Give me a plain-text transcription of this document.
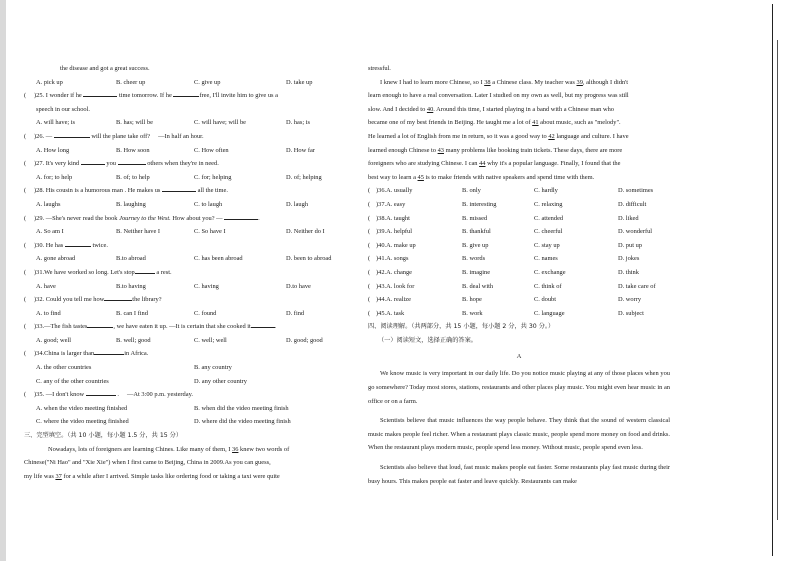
the disease and got a great success.
A. pick up	B. cheer up	C. give up	D. take up
( )25. I wonder if he	time tomorrow. If he	free, I'll invite him to give us a
speech in our school.
A. will have; is	B. has; will be	C. will have; will be	D. has; is
( )26. —	will the plane take off? —In half an hour.
A. How long	B. How soon	C. How often	D. How far
( )27. It's very kind	you	others when they're in need.
A. for; to help	B. of; to help	C. for; helping	D. of; helping
( )28. His cousin is a humorous man . He makes us	all the time.
A. laughs	B. laughing	C. to laugh	D. laugh
( )29. —She's never read the book Journey to the West. How about you? —	.
A. So am I	B. Neither have I	C. So have I	D. Neither do I
( )30. He has	twice.
A. gone abroad	B.to abroad	C. has been abroad	D. been to abroad
( )31.We have worked so long. Let's stop	a rest.
A. have	B.to having	C. having	D.to have
( )32. Could you tell me how	the library?
A. to find	B. can I find	C. found	D. find
( )33.—The fish tastes	, we have eaten it up. —It is certain that she cooked it	.
A. good; well	B. well; good	C. well; well	D. good; good
( )34.China is larger than	in Africa.
A. the other countries	B. any country
C. any of the other countries	D. any other country
( )35. —I don't know	. —At 3:00 p.m. yesterday.
A. when the video meeting finished	B. when did the video meeting finish
C. where the video meeting finished	D. where did the video meeting finish
三、完型填空。（共 10 小题，每小题 1.5 分，共 15 分）
Nowadays, lots of foreigners are learning Chines. Like many of them, I 36 knew two words of
Chinese("Ni Hao" and "Xie Xie") when I first came to Beijing, China in 2009.As you can guess,
my life was 37 for a while after I arrived. Simple tasks like ordering food or taking a taxi were quite
stressful.
I knew I had to learn more Chinese, so I 38 a Chinese class. My teacher was 39, although I didn't
learn enough to have a real conversation. Later I studied on my own as well, but my progress was still
slow. And I decided to 40. Around this time, I started playing in a band with a Chinese man who
became one of my best friends in Beijing. He taught me a lot of 41 about music, such as "melody".
He learned a lot of English from me in return, so it was a good way to 42 language and culture. I have
learned enough Chinese to 43 many problems like booking train tickets. These days, there are more
foreigners who are studying Chinese. I can 44 why it's a popular language. Finally, I found that the
best way to learn a 45 is to make friends with native speakers and spend time with them.
( )36.A. usually	B. only	C. hardly	D. sometimes
( )37.A. easy	B. interesting	C. relaxing	D. difficult
( )38.A. taught	B. missed	C. attended	D. liked
( )39.A. helpful	B. thankful	C. cheerful	D. wonderful
( )40.A. make up	B. give up	C. stay up	D. put up
( )41.A. songs	B. words	C. names	D. jokes
( )42.A. change	B. imagine	C. exchange	D. think
( )43.A. look for	B. deal with	C. think of	D. take care of
( )44.A. realize	B. hope	C. doubt	D. worry
( )45.A. task	B. work	C. language	D. subject
四、阅读理解。（共两部分，共 15 小题，每小题 2 分，共 30 分。）
（一）阅读短文，选择正确的答案。
A
We know music is very important in our daily life. Do you notice music playing at any of those places when you go somewhere? Today most stores, stations, restaurants and other places play music. You might even hear music in an office or on a farm.
Scientists believe that music influences the way people behave. They think that the sound of western classical music makes people feel richer. When a restaurant plays classic music, people spend more money on food and drinks. When the restaurant plays modern music, people spend less money. Without music, people spend even less.
Scientists also believe that loud, fast music makes people eat faster. Some restaurants play fast music during their busy hours. This makes people eat faster and leave quickly. Restaurants can make
